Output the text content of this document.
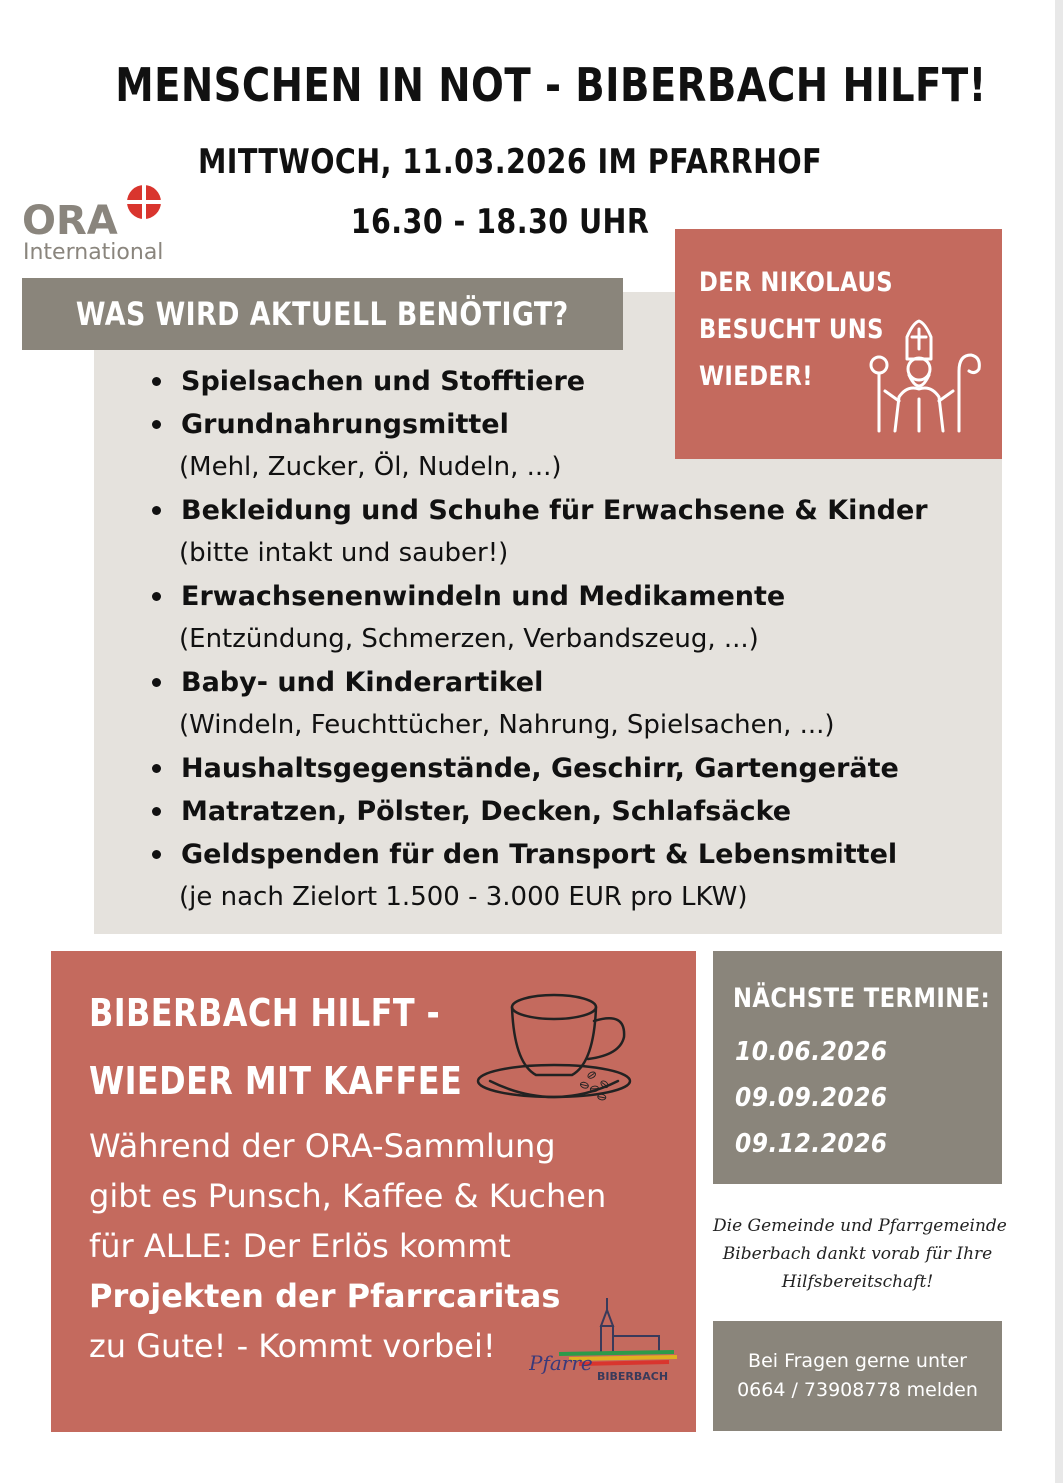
MENSCHEN IN NOT - BIBERBACH HILFT!
MITTWOCH, 11.03.2026 IM PFARRHOF
16.30 - 18.30 UHR
ORA
International
WAS WIRD AKTUELL BENÖTIGT?
Spielsachen und Stofftiere
Grundnahrungsmittel
(Mehl, Zucker, Öl, Nudeln, ...)
Bekleidung und Schuhe für Erwachsene & Kinder
(bitte intakt und sauber!)
Erwachsenenwindeln und Medikamente
(Entzündung, Schmerzen, Verbandszeug, ...)
Baby- und Kinderartikel
(Windeln, Feuchttücher, Nahrung, Spielsachen, ...)
Haushaltsgegenstände, Geschirr, Gartengeräte
Matratzen, Pölster, Decken, Schlafsäcke
Geldspenden für den Transport & Lebensmittel
(je nach Zielort 1.500 - 3.000 EUR pro LKW)
DER NIKOLAUS
BESUCHT UNS
WIEDER!
BIBERBACH HILFT -
WIEDER MIT KAFFEE
Während der ORA-Sammlung
gibt es Punsch, Kaffee & Kuchen
für ALLE: Der Erlös kommt
Projekten der Pfarrcaritas
zu Gute! - Kommt vorbei!	Pfarre
BIBERBACH
NÄCHSTE TERMINE:
10.06.2026
09.09.2026
09.12.2026
Die Gemeinde und Pfarrgemeinde
Biberbach dankt vorab für Ihre
Hilfsbereitschaft!
Bei Fragen gerne unter
0664 / 73908778 melden
